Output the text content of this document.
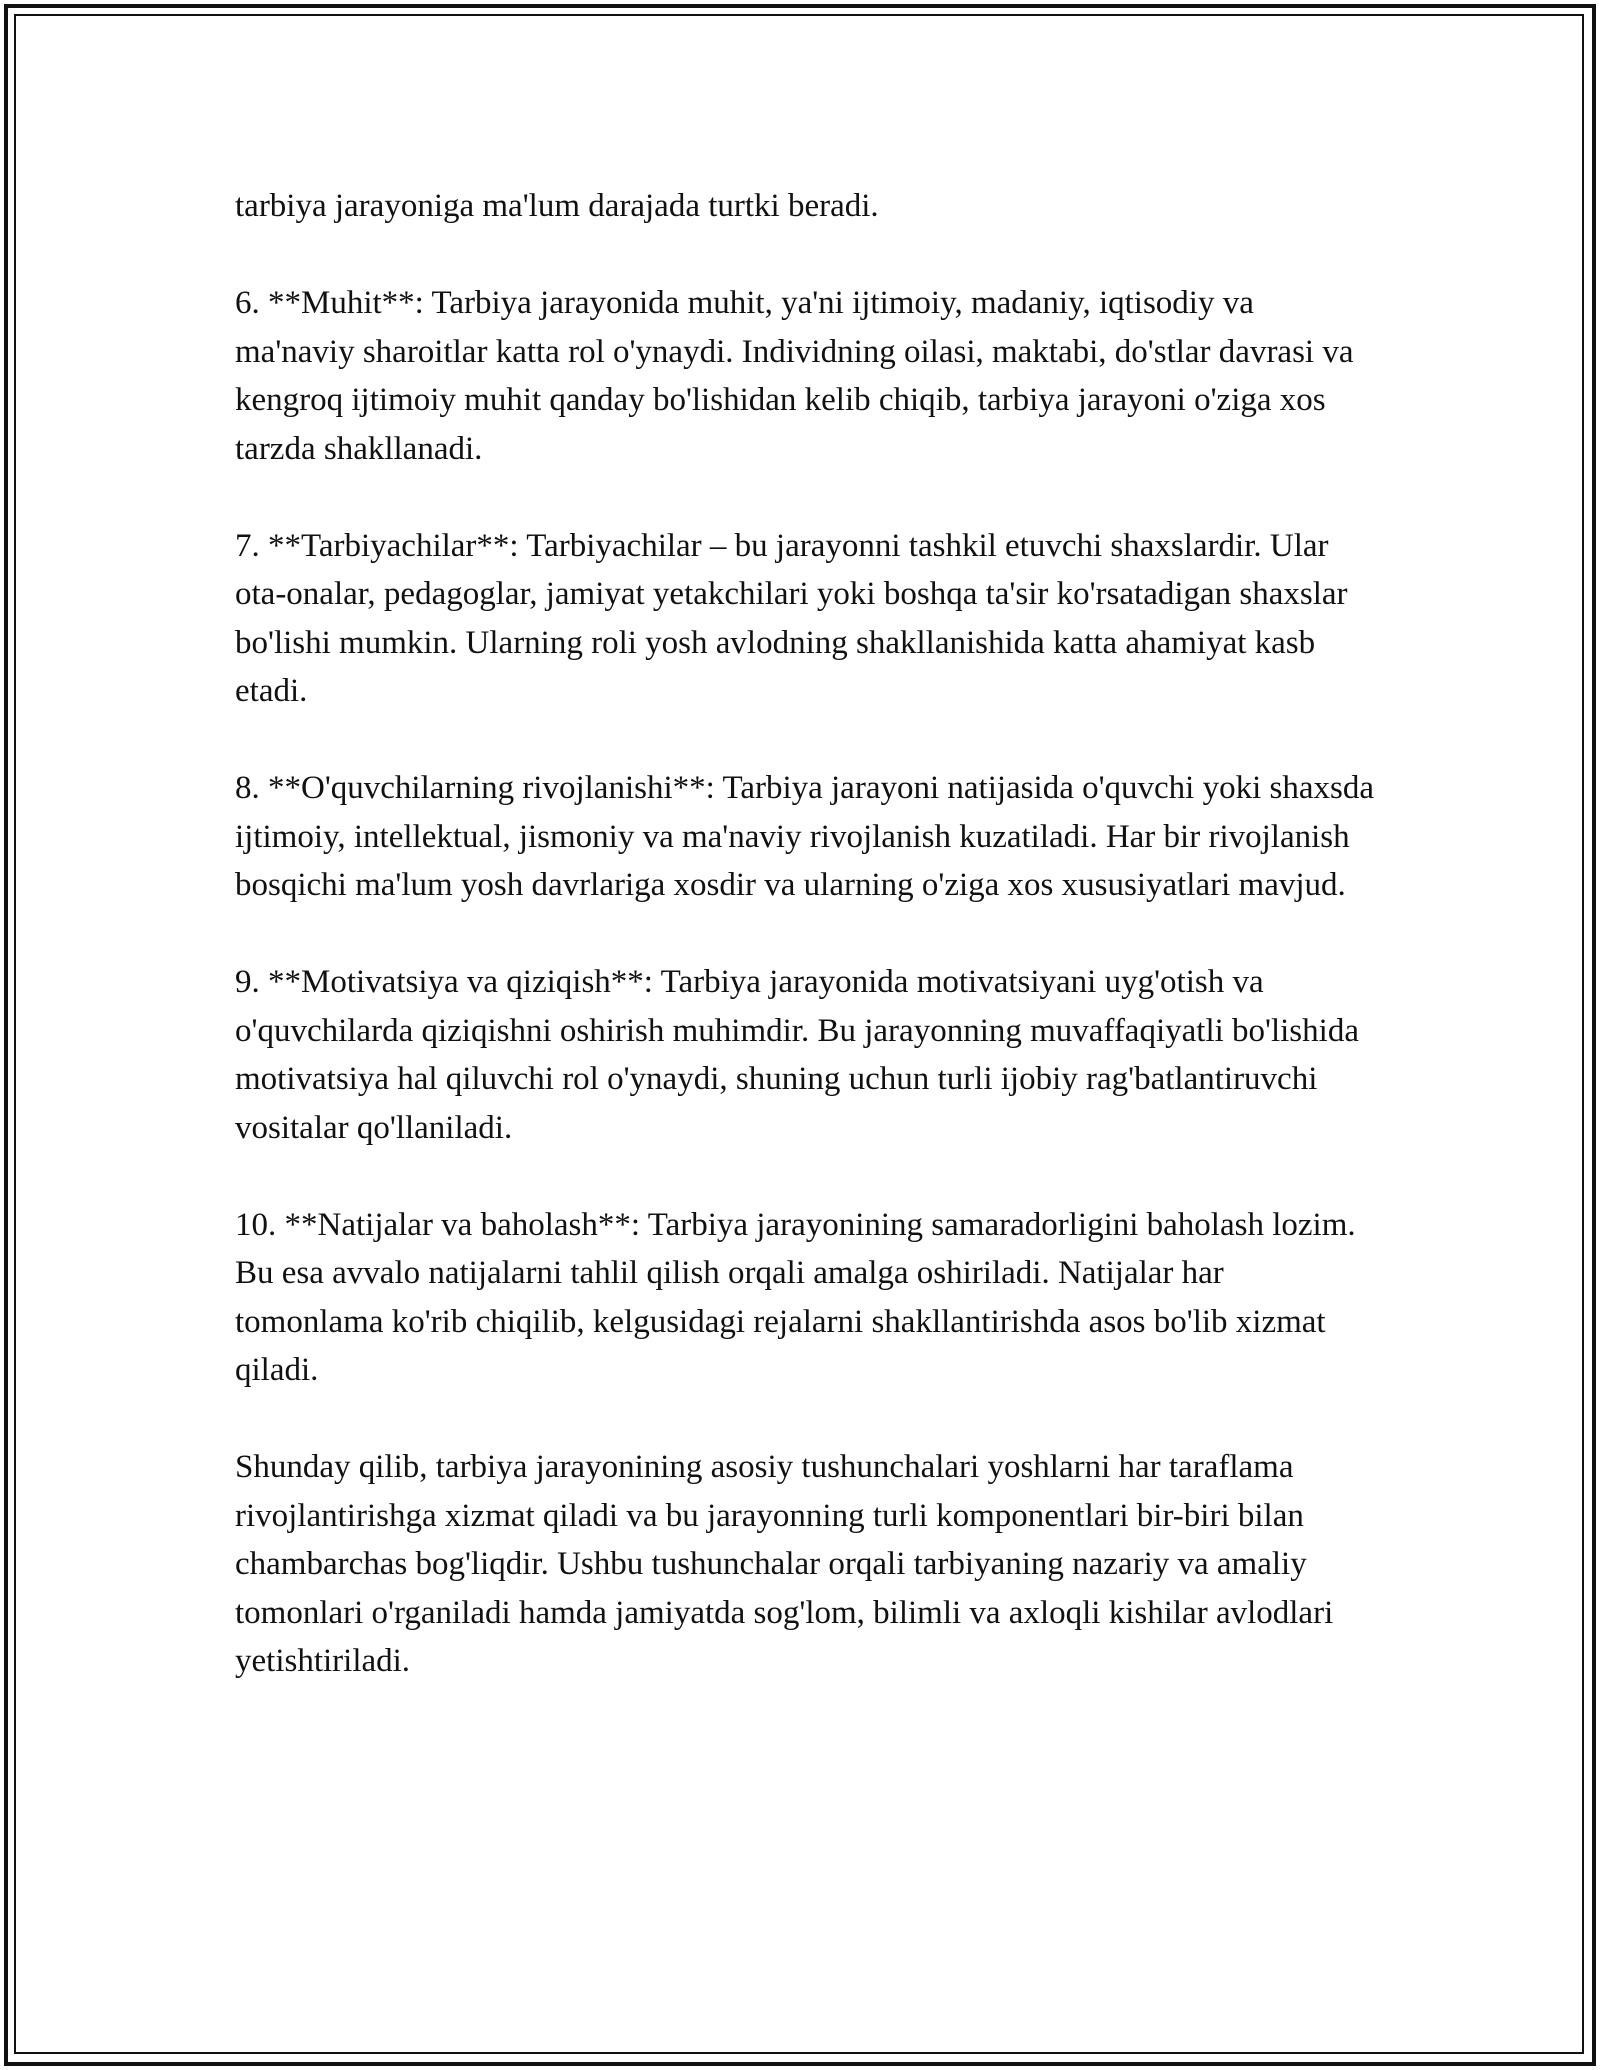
tarbiya jarayoniga ma'lum darajada turtki beradi.

6. **Muhit**: Tarbiya jarayonida muhit, ya'ni ijtimoiy, madaniy, iqtisodiy va ma'naviy sharoitlar katta rol o'ynaydi. Individning oilasi, maktabi, do'stlar davrasi va kengroq ijtimoiy muhit qanday bo'lishidan kelib chiqib, tarbiya jarayoni o'ziga xos tarzda shakllanadi.

7. **Tarbiyachilar**: Tarbiyachilar – bu jarayonni tashkil etuvchi shaxslardir. Ular ota-onalar, pedagoglar, jamiyat yetakchilari yoki boshqa ta'sir ko'rsatadigan shaxslar bo'lishi mumkin. Ularning roli yosh avlodning shakllanishida katta ahamiyat kasb etadi.

8. **O'quvchilarning rivojlanishi**: Tarbiya jarayoni natijasida o'quvchi yoki shaxsda ijtimoiy, intellektual, jismoniy va ma'naviy rivojlanish kuzatiladi. Har bir rivojlanish bosqichi ma'lum yosh davrlariga xosdir va ularning o'ziga xos xususiyatlari mavjud.

9. **Motivatsiya va qiziqish**: Tarbiya jarayonida motivatsiyani uyg'otish va o'quvchilarda qiziqishni oshirish muhimdir. Bu jarayonning muvaffaqiyatli bo'lishida motivatsiya hal qiluvchi rol o'ynaydi, shuning uchun turli ijobiy rag'batlantiruvchi vositalar qo'llaniladi.

10. **Natijalar va baholash**: Tarbiya jarayonining samaradorligini baholash lozim. Bu esa avvalo natijalarni tahlil qilish orqali amalga oshiriladi. Natijalar har tomonlama ko'rib chiqilib, kelgusidagi rejalarni shakllantirishda asos bo'lib xizmat qiladi.

Shunday qilib, tarbiya jarayonining asosiy tushunchalari yoshlarni har taraflama rivojlantirishga xizmat qiladi va bu jarayonning turli komponentlari bir-biri bilan chambarchas bog'liqdir. Ushbu tushunchalar orqali tarbiyaning nazariy va amaliy tomonlari o'rganiladi hamda jamiyatda sog'lom, bilimli va axloqli kishilar avlodlari yetishtiriladi.
